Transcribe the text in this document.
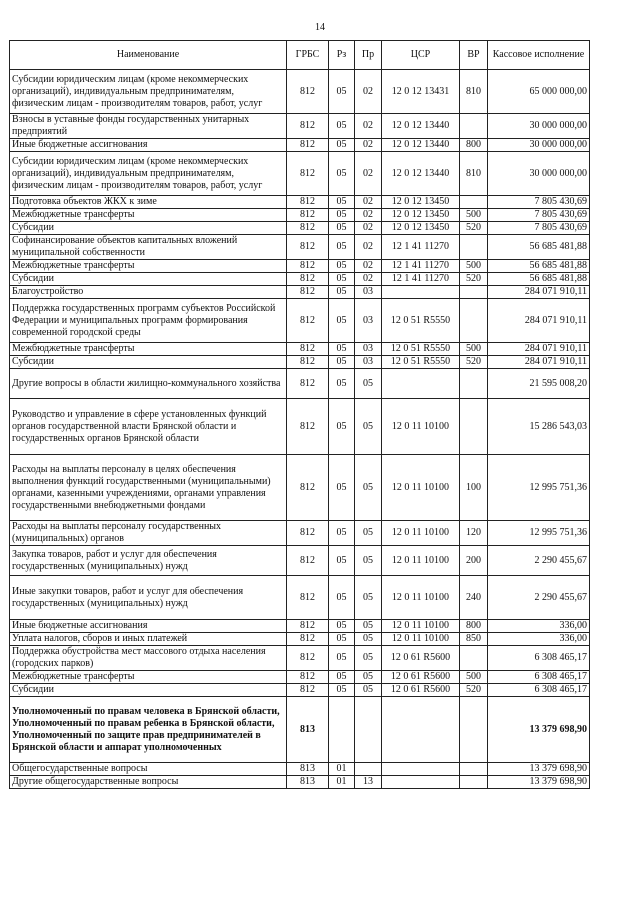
14
Наименование	ГРБС	Рз	Пр	ЦСР	ВР	Кассовое исполнение
Субсидии юридическим лицам (кроме некоммерческих организаций), индивидуальным предпринимателям, физическим лицам - производителям товаров, работ, услуг	812	05	02	12 0 12 13431	810	65 000 000,00
Взносы в уставные фонды государственных унитарных предприятий	812	05	02	12 0 12 13440		30 000 000,00
Иные бюджетные ассигнования	812	05	02	12 0 12 13440	800	30 000 000,00
Субсидии юридическим лицам (кроме некоммерческих организаций), индивидуальным предпринимателям, физическим лицам - производителям товаров, работ, услуг	812	05	02	12 0 12 13440	810	30 000 000,00
Подготовка объектов ЖКХ к зиме	812	05	02	12 0 12 13450		7 805 430,69
Межбюджетные трансферты	812	05	02	12 0 12 13450	500	7 805 430,69
Субсидии	812	05	02	12 0 12 13450	520	7 805 430,69
Софинансирование объектов капитальных вложений муниципальной собственности	812	05	02	12 1 41 11270		56 685 481,88
Межбюджетные трансферты	812	05	02	12 1 41 11270	500	56 685 481,88
Субсидии	812	05	02	12 1 41 11270	520	56 685 481,88
Благоустройство	812	05	03			284 071 910,11
Поддержка государственных программ субъектов Российской Федерации и муниципальных программ формирования современной городской среды	812	05	03	12 0 51 R5550		284 071 910,11
Межбюджетные трансферты	812	05	03	12 0 51 R5550	500	284 071 910,11
Субсидии	812	05	03	12 0 51 R5550	520	284 071 910,11
Другие вопросы в области жилищно-коммунального хозяйства	812	05	05			21 595 008,20
Руководство и управление в сфере установленных функций органов государственной власти Брянской области и государственных органов Брянской области	812	05	05	12 0 11 10100		15 286 543,03
Расходы на выплаты персоналу в целях обеспечения выполнения функций государственными (муниципальными) органами, казенными учреждениями, органами управления государственными внебюджетными фондами	812	05	05	12 0 11 10100	100	12 995 751,36
Расходы на выплаты персоналу государственных (муниципальных) органов	812	05	05	12 0 11 10100	120	12 995 751,36
Закупка товаров, работ и услуг для обеспечения государственных (муниципальных) нужд	812	05	05	12 0 11 10100	200	2 290 455,67
Иные закупки товаров, работ и услуг для обеспечения государственных (муниципальных) нужд	812	05	05	12 0 11 10100	240	2 290 455,67
Иные бюджетные ассигнования	812	05	05	12 0 11 10100	800	336,00
Уплата налогов, сборов и иных платежей	812	05	05	12 0 11 10100	850	336,00
Поддержка обустройства мест массового отдыха населения (городских парков)	812	05	05	12 0 61 R5600		6 308 465,17
Межбюджетные трансферты	812	05	05	12 0 61 R5600	500	6 308 465,17
Субсидии	812	05	05	12 0 61 R5600	520	6 308 465,17
Уполномоченный по правам человека в Брянской области, Уполномоченный по правам ребенка в Брянской области, Уполномоченный по защите прав предпринимателей в Брянской области и аппарат уполномоченных	813					13 379 698,90
Общегосударственные вопросы	813	01				13 379 698,90
Другие общегосударственные вопросы	813	01	13			13 379 698,90
